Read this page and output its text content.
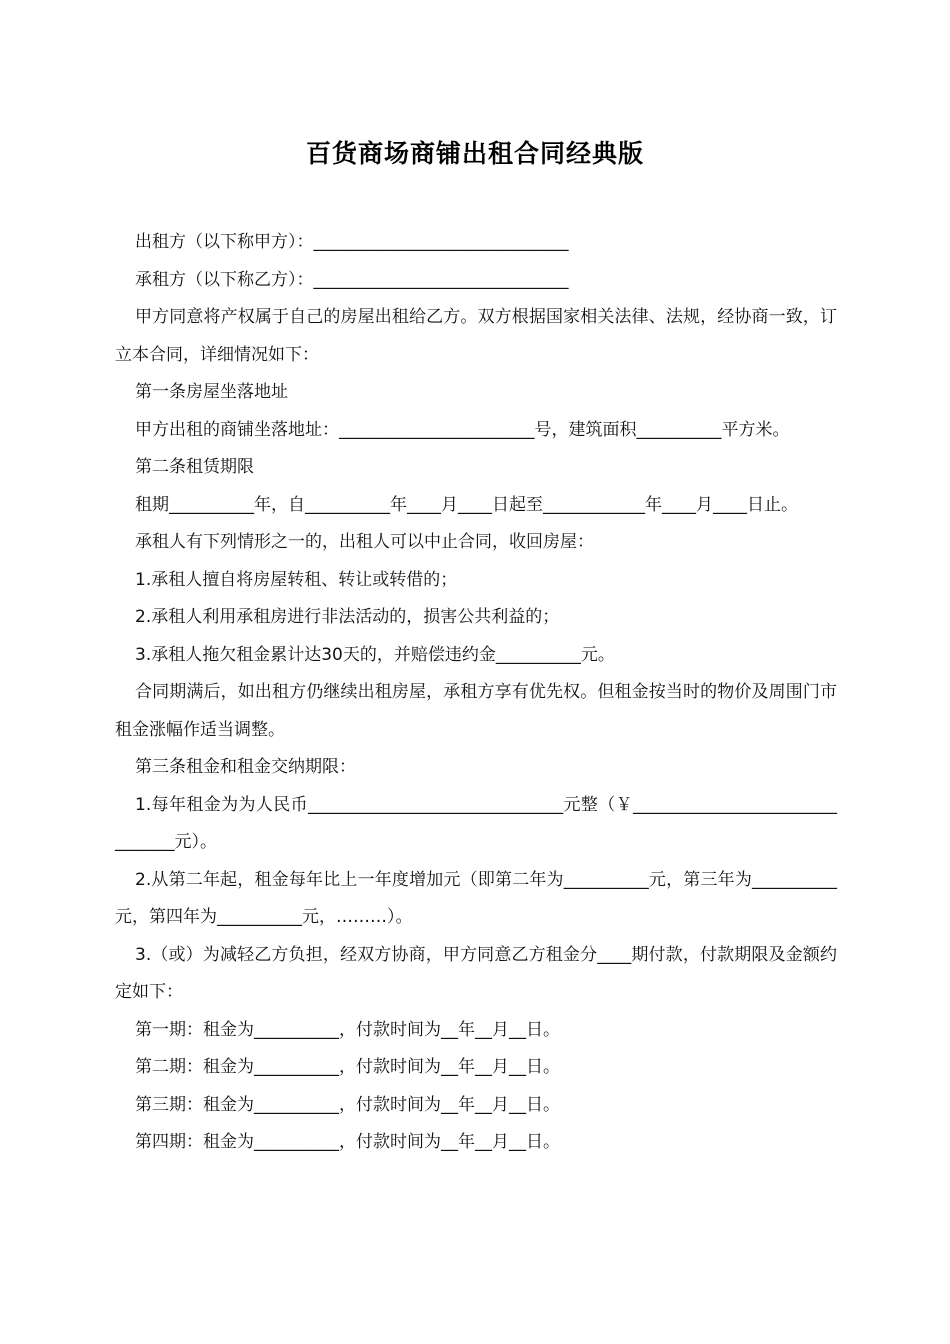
百货商场商铺出租合同经典版

出租方（以下称甲方）：______________________________

承租方（以下称乙方）：______________________________

甲方同意将产权属于自己的房屋出租给乙方。双方根据国家相关法律、法规，经协商一致，订立本合同，详细情况如下：

第一条房屋坐落地址

甲方出租的商铺坐落地址：_______________________号，建筑面积__________平方米。

第二条租赁期限

租期__________年，自__________年____月____日起至____________年____月____日止。

承租人有下列情形之一的，出租人可以中止合同，收回房屋：

1.承租人擅自将房屋转租、转让或转借的；

2.承租人利用承租房进行非法活动的，损害公共利益的；

3.承租人拖欠租金累计达30天的，并赔偿违约金__________元。

合同期满后，如出租方仍继续出租房屋，承租方享有优先权。但租金按当时的物价及周围门市租金涨幅作适当调整。

第三条租金和租金交纳期限：

1.每年租金为为人民币______________________________元整（￥_______________________________元）。

2.从第二年起，租金每年比上一年度增加元（即第二年为__________元，第三年为__________元，第四年为__________元，………）。

3.（或）为减轻乙方负担，经双方协商，甲方同意乙方租金分____期付款，付款期限及金额约定如下：

第一期：租金为__________，付款时间为__年__月__日。

第二期：租金为__________，付款时间为__年__月__日。

第三期：租金为__________，付款时间为__年__月__日。

第四期：租金为__________，付款时间为__年__月__日。
